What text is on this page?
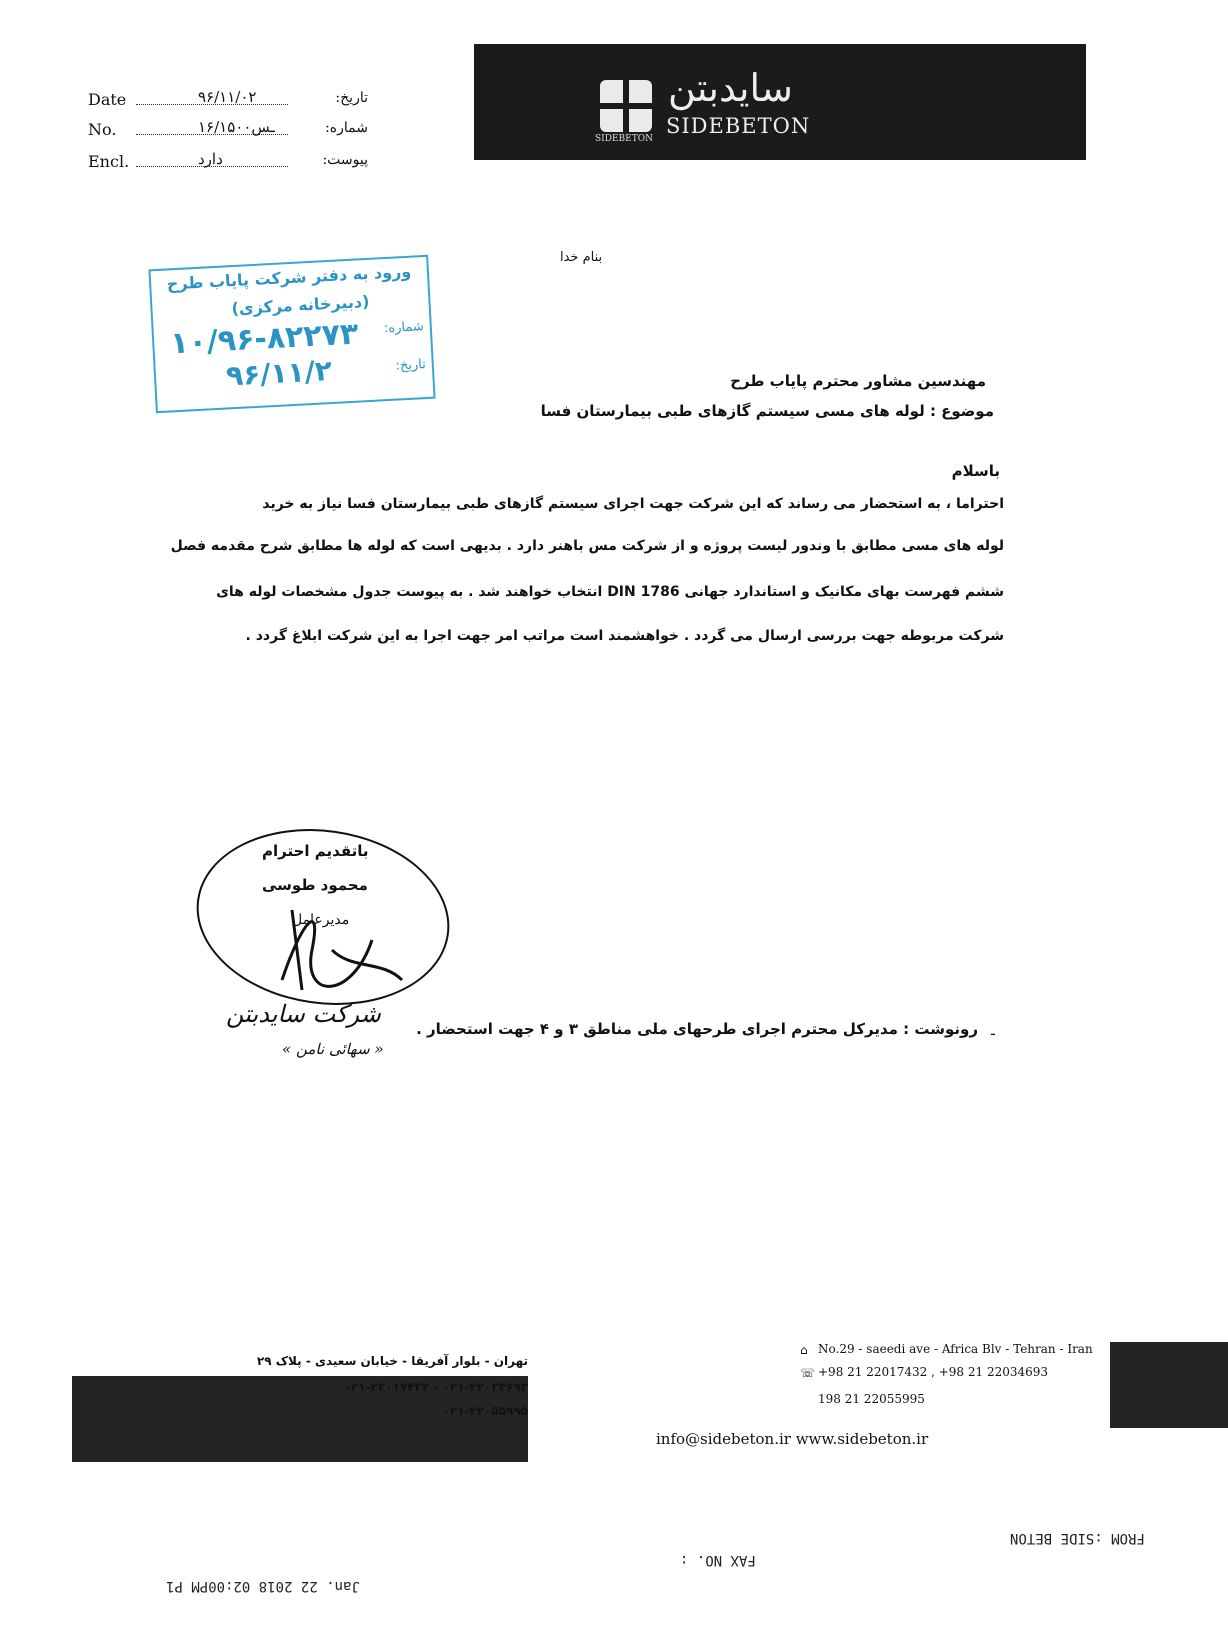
SIDEBETON
سایدبتن
SIDEBETON
Date	۹۶/۱۱/۰۲	تاریخ:
No.	۱۶/۱۵۰۰ـس	شماره:
Encl.	دارد	پیوست:
بنام خدا
ورود به دفتر شرکت پایاب طرح
(دبیرخانه مرکزی)
شماره:
۱۰/۹۶-۸۲۲۷۳
تاریخ:
۹۶/۱۱/۲	مهندسین مشاور محترم پایاب طرح
موضوع : لوله های مسی سیستم گازهای طبی بیمارستان فسا
باسلام
احتراما ، به استحضار می رساند که این شرکت جهت اجرای سیستم گازهای طبی بیمارستان فسا نیاز به خرید
لوله های مسی مطابق با وندور لیست پروژه و از شرکت مس باهنر دارد . بدیهی است که لوله ها مطابق شرح مقدمه فصل
ششم فهرست بهای مکانیک و استاندارد جهانی DIN 1786 انتخاب خواهند شد . به پیوست جدول مشخصات لوله های
شرکت مربوطه جهت بررسی ارسال می گردد . خواهشمند است مراتب امر جهت اجرا به این شرکت ابلاغ گردد .
باتقدیم احترام
محمود طوسی
مدیرعامل
شرکت سایدبتن
« سهائی نامن »
-
رونوشت : مدیرکل محترم اجرای طرحهای ملی مناطق ۳ و ۴ جهت استحضار .
تهران - بلوار آفریقا - خیابان سعیدی - پلاک ۲۹
⌂ No.29 - saeedi ave - Africa Blv - Tehran - Iran
۰۲۱-۲۲۰۳۴۶۹۳ - ۰۲۱-۲۲۰۱۷۴۳۲
☏ +98 21 22017432 , +98 21 22034693
۰۲۱-۲۲۰۵۵۹۹۵
198 21 22055995
info@sidebeton.ir www.sidebeton.ir
FROM :SIDE BETON
FAX NO. :
Jan. 22 2018 02:00PM P1
